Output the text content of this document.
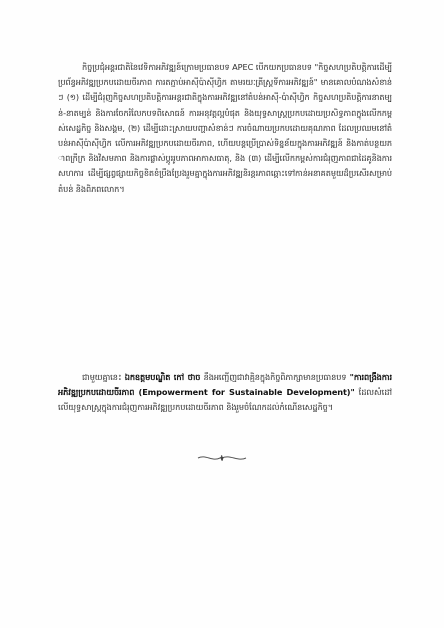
កិច្ចប្រជុំអន្តរជាតិនៃវេទិកាអភិវឌ្ឍន៍ក្រោមប្រធានបទ APEC បើកយកប្រធានបទ "កិច្ចសហប្រតិបត្តិការដើម្បីប្រព័ន្ធអភិវឌ្ឍប្រកបដោយចីរភាព ការតភ្ជាប់អាស៊ីប៉ាស៊ីហ្វិក តាមរយៈត្រីស្ត្រទីការអភិវឌ្ឍន៍" មានគោលបំណងសំខាន់ៗ (១) ដើម្បីជំរុញកិច្ចសហប្រតិបត្តិការអន្តរជាតិក្នុងការអភិវឌ្ឍនៅតំបន់អាស៊ី-ប៉ាស៊ីហ្វិក កិច្ចសហប្រតិបត្តិការនាតម្បន់-នាតម្បន់ និងការចែករំលែកបទពិសោធន៍ ការអនុវត្តល្អបំផុត និងយុទ្ធសាស្ត្រប្រកបដោយប្រសិទ្ធភាពក្នុងលើកកម្ពស់សេដ្ឋកិច្ច និងសង្គម, (២) ដើម្បីដោះស្រាយបញ្ហាសំខាន់ៗ ការចំណាយប្រកបដោយគុណភាព ដែលប្រឈមនៅតំបន់អាស៊ីប៉ាស៊ីហ្វិក លើការអភិវឌ្ឍប្រកបដោយចីរភាព, ហើយបន្តប្រើប្រាស់ទិន្នន័យក្នុងការអភិវឌ្ឍន៍ និងកាត់បន្ថយភាពក្រីក្រ និងវិសមភាព និងការផ្លាស់ប្តូររូបភាពអាកាសធាតុ, និង (៣) ដើម្បីលើកកម្ពស់ការជំរុញភាពជាដៃគូនិងការសហការ ដើម្បីផ្សព្វផ្សាយកិច្ចខិតខំប្រឹងប្រែងរួមគ្នាក្នុងការអភិវឌ្ឍនិរន្តរភាពឆ្ពោះទៅកាន់អនាគតមួយដ៏ប្រសើរសម្រាប់តំបន់ និងពិភពលោក។
ជាមួយគ្នានេះ ឯកឧត្តមបណ្ឌិត កៅ ថាច នឹងអញ្ជើញជាវាគ្មិនក្នុងកិច្ចពិភាក្សាមានប្រធានបទ "ការពង្រឹងការអភិវឌ្ឍប្រកបដោយចីរភាព (Empowerment for Sustainable Development)" ដែលសំដៅលើយុទ្ធសាស្ត្រក្នុងការជំរុញការអភិវឌ្ឍប្រកបដោយចីរភាព និងរួមចំណែកដល់កំណើនសេដ្ឋកិច្ច។
